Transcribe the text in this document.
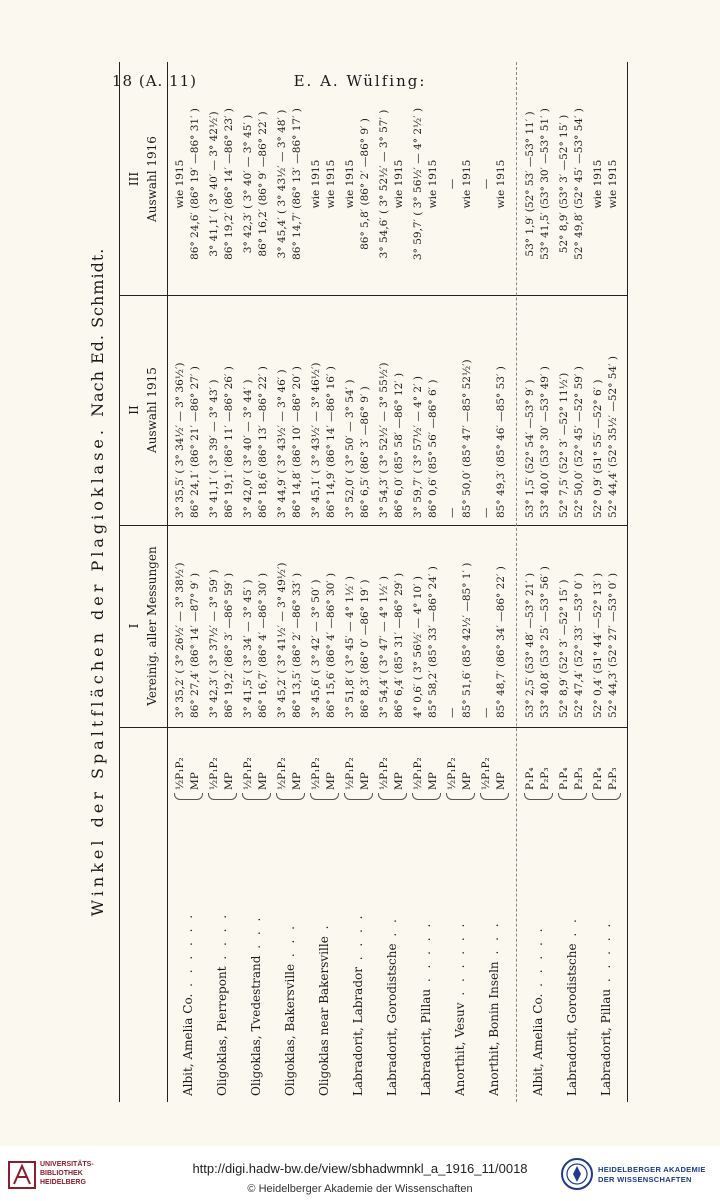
18 (A. 11)	E. A. Wülfing:
Winkel der Spaltflächen der Plagioklase. Nach Ed. Schmidt.
I Vereinig. aller Messungen
II Auswahl 1915
III Auswahl 1916
Albit, Amelia Co. . . . . . .
½P₁P₂ MP
3° 35,2′ ( 3° 26½′ — 3° 38½′) 86° 27,4′ (86° 14′ —87° 9′ )
3° 35,5′ ( 3° 34½′ — 3° 36½′) 86° 24,1′ (86° 21′ —86° 27′ )
wie 1915 86° 24,6′ (86° 19′ —86° 31′ )
Oligoklas, Pierrepont . . . .
½P₁P₂ MP
3° 42,3′ ( 3° 37½′ — 3° 59′ ) 86° 19,2′ (86° 3′ —86° 59′ )
3° 41,1′ ( 3° 39′ — 3° 43′ ) 86° 19,1′ (86° 11′ —86° 26′ )
3° 41,1′ ( 3° 40′ — 3° 42½′) 86° 19,2′ (86° 14′ —86° 23′ )
Oligoklas, Tvedestrand . . .
½P₁P₂ MP
3° 41,5′ ( 3° 34′ — 3° 45′ ) 86° 16,7′ (86° 4′ —86° 30′ )
3° 42,0′ ( 3° 40′ — 3° 44′ ) 86° 18,6′ (86° 13′ —86° 22′ )
3° 42,3′ ( 3° 40′ — 3° 45′ ) 86° 16,2′ (86° 9′ —86° 22′ )
Oligoklas, Bakersville . . .
½P₁P₂ MP
3° 45,2′ ( 3° 41½′ — 3° 49½′) 86° 13,5′ (86° 2′ —86° 33′ )
3° 44,9′ ( 3° 43½′ — 3° 46′ ) 86° 14,8′ (86° 10′ —86° 20′ )
3° 45,4′ ( 3° 43½′ — 3° 48′ ) 86° 14,7′ (86° 13′ —86° 17′ )
Oligoklas near Bakersville .
½P₁P₂ MP
3° 45,6′ ( 3° 42′ — 3° 50′ ) 86° 15,6′ (86° 4′ —86° 30′ )
3° 45,1′ ( 3° 43½′ — 3° 46½′) 86° 14,9′ (86° 14′ —86° 16′ )
wie 1915 wie 1915
Labradorit, Labrador . . . .
½P₁P₂ MP
3° 51,8′ ( 3° 45′ — 4° 1½′ ) 86° 8,3′ (86° 0′ —86° 19′ )
3° 52,0′ ( 3° 50′ — 3° 54′ ) 86° 6,5′ (86° 3′ —86° 9′ )
wie 1915 86° 5,8′ (86° 2′ —86° 9′ )
Labradorit, Gorodistsche . .
½P₁P₂ MP
3° 54,4′ ( 3° 47′ — 4° 1½′ ) 86° 6,4′ (85° 31′ —86° 29′ )
3° 54,3′ ( 3° 52½′ — 3° 55½′) 86° 6,0′ (85° 58′ —86° 12′ )
3° 54,6′ ( 3° 52½′ — 3° 57′ ) wie 1915
Labradorit, Pillau . . . . .
½P₁P₂ MP
4° 0,6′ ( 3° 56½′ — 4° 10′ ) 85° 58,2′ (85° 33′ —86° 24′ )
3° 59,7′ ( 3° 57½′ — 4° 2′ ) 86° 0,6′ (85° 56′ —86° 6′ )
3° 59,7′ ( 3° 56½′ — 4° 2½′ ) wie 1915
Anorthit, Vesuv . . . . . .
½P₁P₂ MP
— 85° 51,6′ (85° 42½′ —85° 1′ )
— 85° 50,0′ (85° 47′ —85° 52½′)
— wie 1915
Anorthit, Bonin Inseln . . .
½P₁P₂ MP
— 85° 48,7′ (86° 34′ —86° 22′ )
— 85° 49,3′ (85° 46′ —85° 53′ )
— wie 1915
Albit, Amelia Co. . . . . .
P₁P₄ P₂P₃
53° 2,5′ (53° 48′ —53° 21′ ) 53° 40,8′ (53° 25′ —53° 56′ )
53° 1,5′ (52° 54′ —53° 9′ ) 53° 40,0′ (53° 30′ —53° 49′ )
53° 1,9′ (52° 53′ —53° 11′ ) 53° 41,5′ (53° 30′ —53° 51′ )
Labradorit, Gorodistsche . .
P₁P₄ P₂P₃
52° 8,9′ (52° 3′ —52° 15′ ) 52° 47,4′ (52° 33′ —53° 0′ )
52° 7,5′ (52° 3′ —52° 11½′) 52° 50,0′ (52° 45′ —52° 59′ )
52° 8,9′ (53° 3′ —52° 15′ ) 52° 49,8′ (52° 45′ —53° 54′ )
Labradorit, Pillau . . . . .
P₁P₄ P₂P₃
52° 0,4′ (51° 44′ —52° 13′ ) 52° 44,3′ (52° 27′ —53° 0′ )
52° 0,9′ (51° 55′ —52° 6′ ) 52° 44,4′ (52° 35½′ —52° 54′ )
wie 1915 wie 1915
UNIVERSITÄTS-
BIBLIOTHEK
HEIDELBERG
http://digi.hadw-bw.de/view/sbhadwmnkl_a_1916_11/0018
© Heidelberger Akademie der Wissenschaften
HEIDELBERGER AKADEMIE
DER WISSENSCHAFTEN
